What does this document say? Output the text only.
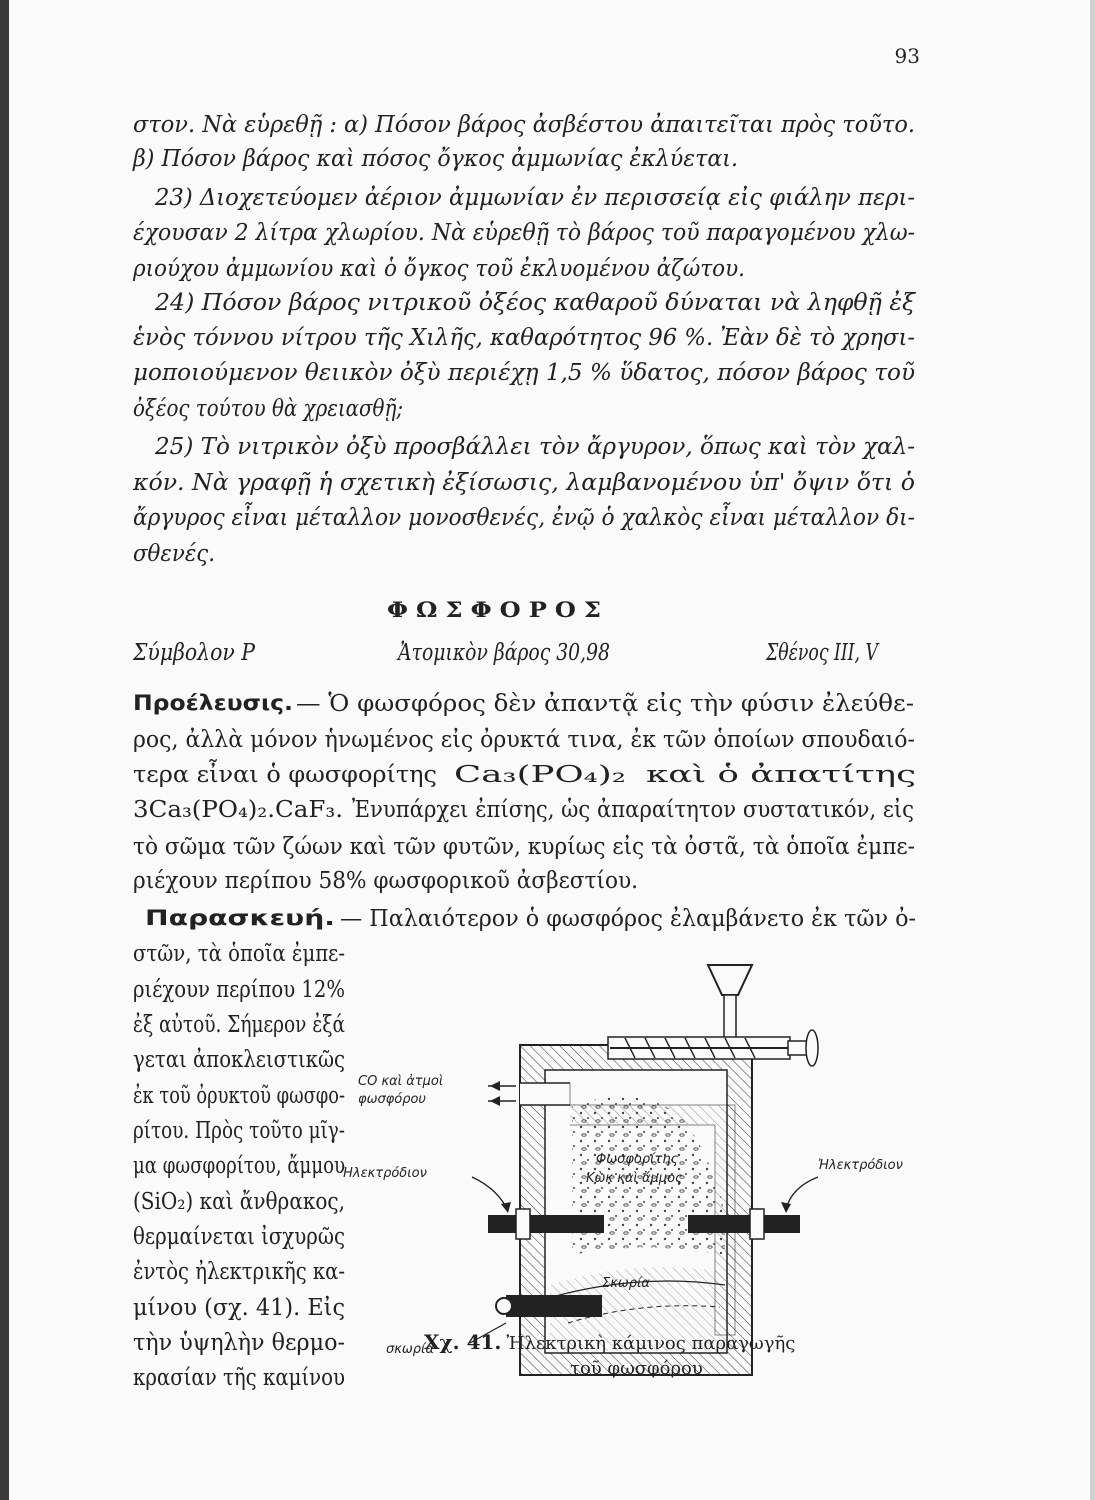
93
στον. Νὰ εὑρεθῇ : α) Πόσον βάρος ἀσβέστου ἀπαιτεῖται πρὸς τοῦτο.
β) Πόσον βάρος καὶ πόσος ὄγκος ἀμμωνίας ἐκλύεται.
23) Διοχετεύομεν ἀέριον ἀμμωνίαν ἐν περισσείᾳ εἰς φιάλην περι-
έχουσαν 2 λίτρα χλωρίου. Νὰ εὑρεθῇ τὸ βάρος τοῦ παραγομένου χλω-
ριούχου ἀμμωνίου καὶ ὁ ὄγκος τοῦ ἐκλυομένου ἀζώτου.
24) Πόσον βάρος νιτρικοῦ ὀξέος καθαροῦ δύναται νὰ ληφθῇ ἐξ
ἑνὸς τόννου νίτρου τῆς Χιλῆς, καθαρότητος 96 %. Ἐὰν δὲ τὸ χρησι-
μοποιούμενον θειικὸν ὀξὺ περιέχῃ 1,5 % ὕδατος, πόσον βάρος τοῦ
ὀξέος τούτου θὰ χρειασθῇ;
25) Τὸ νιτρικὸν ὀξὺ προσβάλλει τὸν ἄργυρον, ὅπως καὶ τὸν χαλ-
κόν. Νὰ γραφῇ ἡ σχετικὴ ἐξίσωσις, λαμβανομένου ὑπ' ὄψιν ὅτι ὁ
ἄργυρος εἶναι μέταλλον μονοσθενές, ἐνῷ ὁ χαλκὸς εἶναι μέταλλον δι-
σθενές.
ΦΩΣΦΟΡΟΣ
Σύμβολον P	Ἀτομικὸν βάρος 30,98	Σθένος III, V
Προέλευσις. — Ὁ φωσφόρος δὲν ἀπαντᾷ εἰς τὴν φύσιν ἐλεύθε-
ρος, ἀλλὰ μόνον ἡνωμένος εἰς ὀρυκτά τινα, ἐκ τῶν ὁποίων σπουδαιό-
τερα εἶναι ὁ φωσφορίτης Ca₃(PO₄)₂ καὶ ὁ ἀπατίτης
3Ca₃(PO₄)₂.CaF₃. Ἐνυπάρχει ἐπίσης, ὡς ἀπαραίτητον συστατικόν, εἰς
τὸ σῶμα τῶν ζώων καὶ τῶν φυτῶν, κυρίως εἰς τὰ ὀστᾶ, τὰ ὁποῖα ἐμπε-
ριέχουν περίπου 58% φωσφορικοῦ ἀσβεστίου.
Παρασκευή. — Παλαιότερον ὁ φωσφόρος ἐλαμβάνετο ἐκ τῶν ὀ-
στῶν, τὰ ὁποῖα ἐμπε-
ριέχουν περίπου 12%
ἐξ αὐτοῦ. Σήμερον ἐξά
γεται ἀποκλειστικῶς
ἐκ τοῦ ὀρυκτοῦ φωσφο-
ρίτου. Πρὸς τοῦτο μῖγ-
μα φωσφορίτου, ἄμμου
(SiO₂) καὶ ἄνθρακος,
θερμαίνεται ἰσχυρῶς
ἐντὸς ἠλεκτρικῆς κα-
μίνου (σχ. 41). Εἰς
τὴν ὑψηλὴν θερμο-
κρασίαν τῆς καμίνου
CO καὶ ἀτμοὶ
φωσφόρου
Φωσφορίτης
Κὼκ καὶ ἄμμος
Ἠλεκτρόδιον
Ἠλεκτρόδιον
Σκωρία
σκωρία
Χχ. 41. Ἠλεκτρικὴ κάμινος παραγωγῆς
τοῦ φωσφόρου
